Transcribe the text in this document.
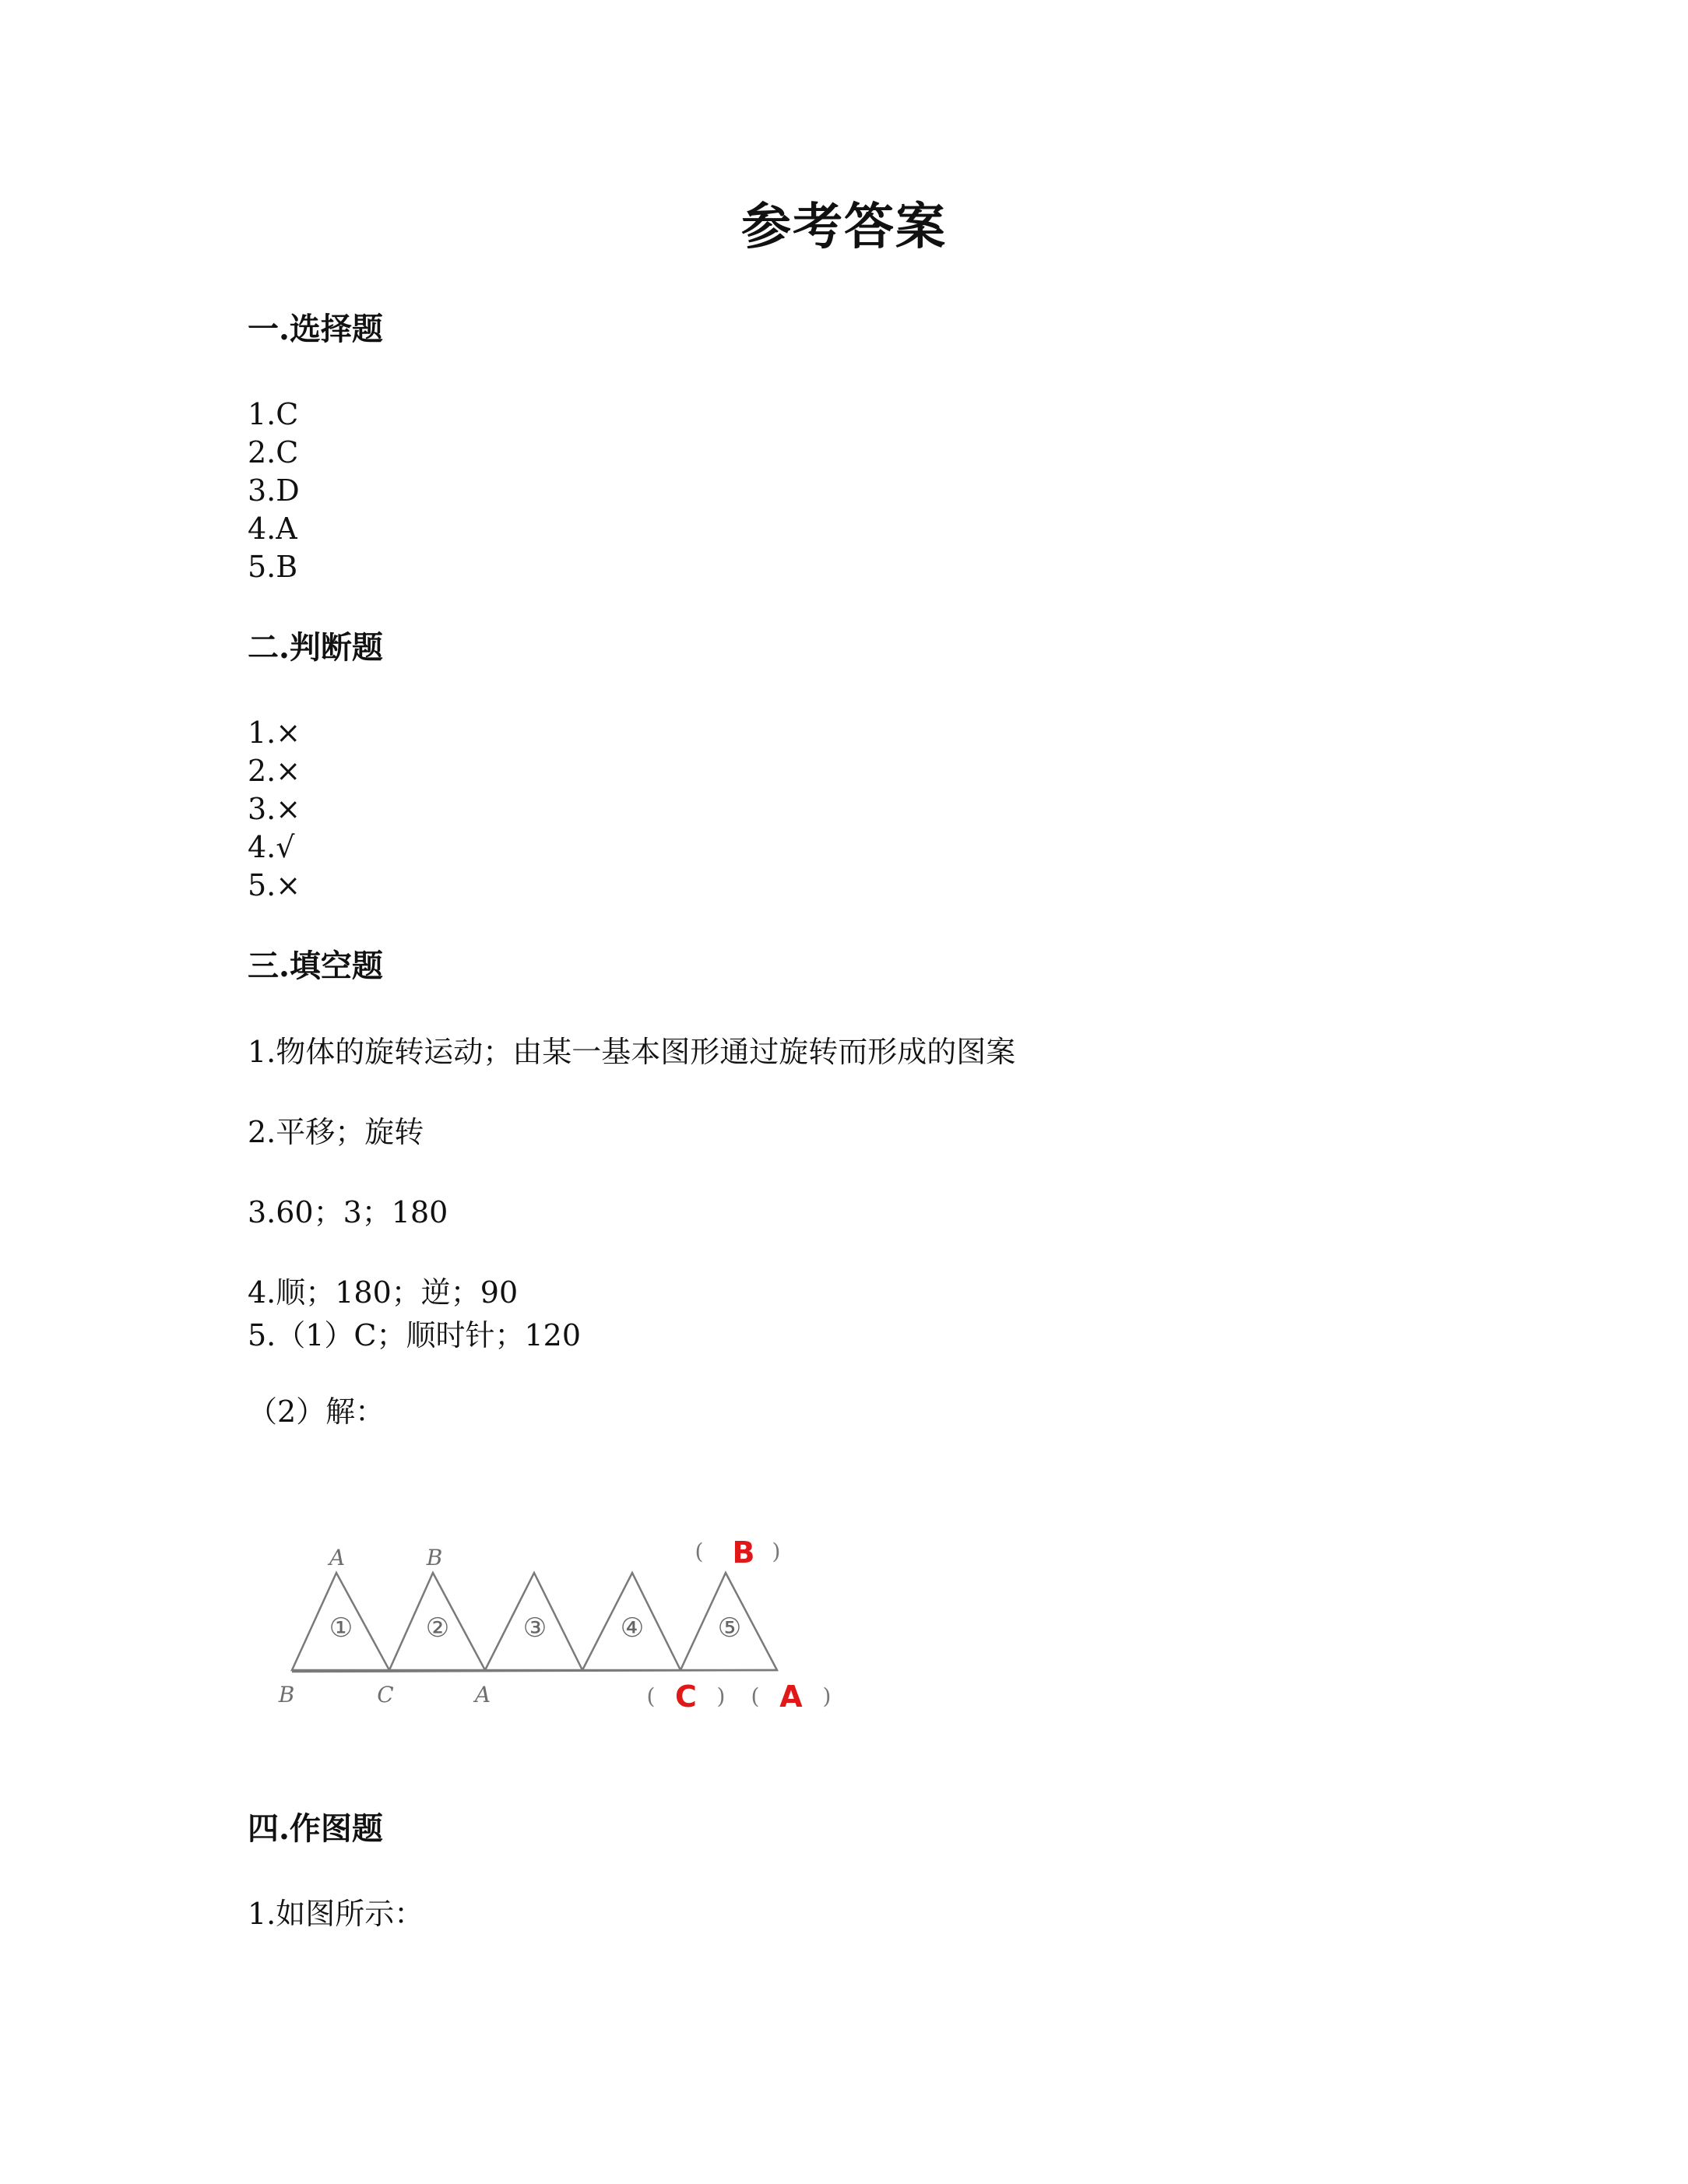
参考答案
一.选择题
1.C
2.C
3.D
4.A
5.B
二.判断题
1.×
2.×
3.×
4.√
5.×
三.填空题
1.物体的旋转运动；由某一基本图形通过旋转而形成的图案
2.平移；旋转
3.60；3；180
4.顺；180；逆；90
5.（1）C；顺时针；120
（2）解：
①	②	③	④	⑤
A	B
B	C	A
( B )
( C ) ( A )
四.作图题
1.如图所示：
